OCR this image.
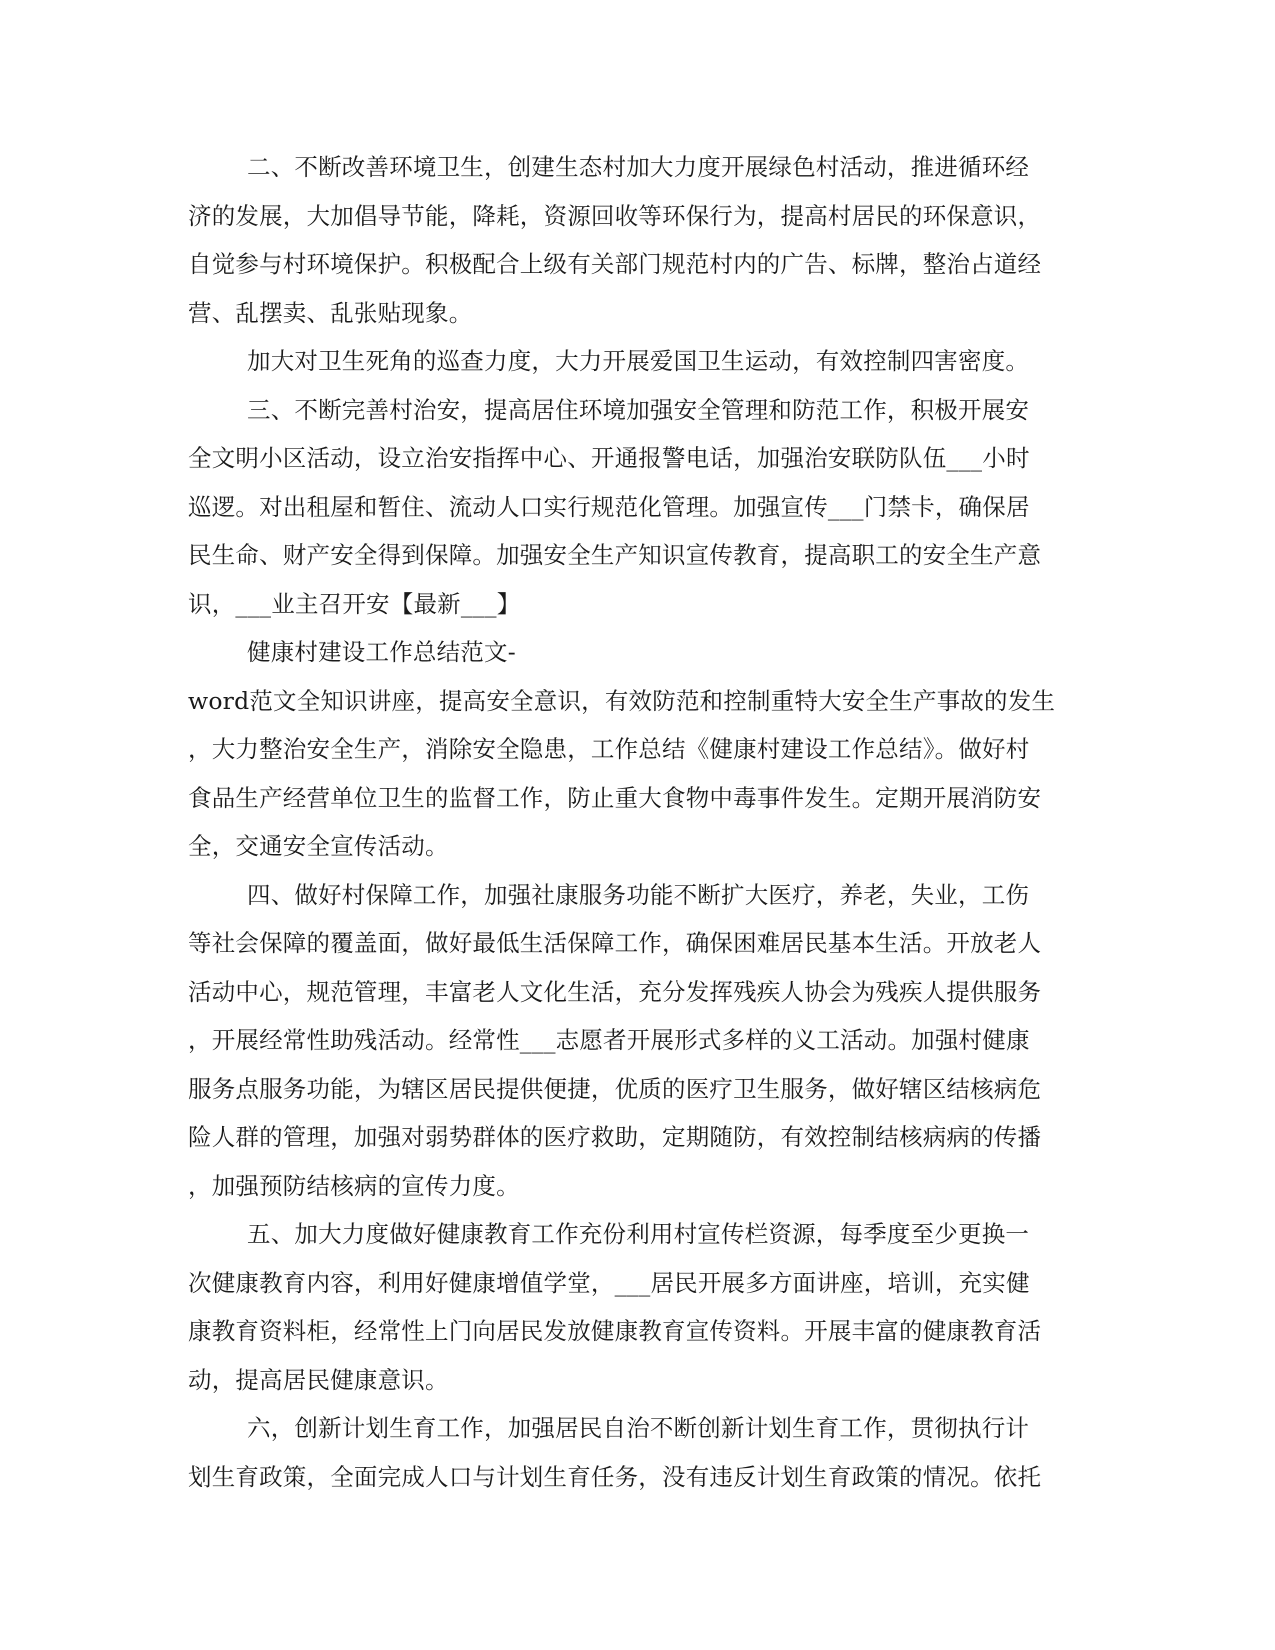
二、不断改善环境卫生，创建生态村加大力度开展绿色村活动，推进循环经
济的发展，大加倡导节能，降耗，资源回收等环保行为，提高村居民的环保意识，
自觉参与村环境保护。积极配合上级有关部门规范村内的广告、标牌，整治占道经
营、乱摆卖、乱张贴现象。
加大对卫生死角的巡查力度，大力开展爱国卫生运动，有效控制四害密度。
三、不断完善村治安，提高居住环境加强安全管理和防范工作，积极开展安
全文明小区活动，设立治安指挥中心、开通报警电话，加强治安联防队伍___小时
巡逻。对出租屋和暂住、流动人口实行规范化管理。加强宣传___门禁卡，确保居
民生命、财产安全得到保障。加强安全生产知识宣传教育，提高职工的安全生产意
识，___业主召开安【最新___】
健康村建设工作总结范文-
word范文全知识讲座，提高安全意识，有效防范和控制重特大安全生产事故的发生
，大力整治安全生产，消除安全隐患，工作总结《健康村建设工作总结》。做好村
食品生产经营单位卫生的监督工作，防止重大食物中毒事件发生。定期开展消防安
全，交通安全宣传活动。
四、做好村保障工作，加强社康服务功能不断扩大医疗，养老，失业，工伤
等社会保障的覆盖面，做好最低生活保障工作，确保困难居民基本生活。开放老人
活动中心，规范管理，丰富老人文化生活，充分发挥残疾人协会为残疾人提供服务
，开展经常性助残活动。经常性___志愿者开展形式多样的义工活动。加强村健康
服务点服务功能，为辖区居民提供便捷，优质的医疗卫生服务，做好辖区结核病危
险人群的管理，加强对弱势群体的医疗救助，定期随防，有效控制结核病病的传播
，加强预防结核病的宣传力度。
五、加大力度做好健康教育工作充份利用村宣传栏资源，每季度至少更换一
次健康教育内容，利用好健康增值学堂，___居民开展多方面讲座，培训，充实健
康教育资料柜，经常性上门向居民发放健康教育宣传资料。开展丰富的健康教育活
动，提高居民健康意识。
六，创新计划生育工作，加强居民自治不断创新计划生育工作，贯彻执行计
划生育政策，全面完成人口与计划生育任务，没有违反计划生育政策的情况。依托
